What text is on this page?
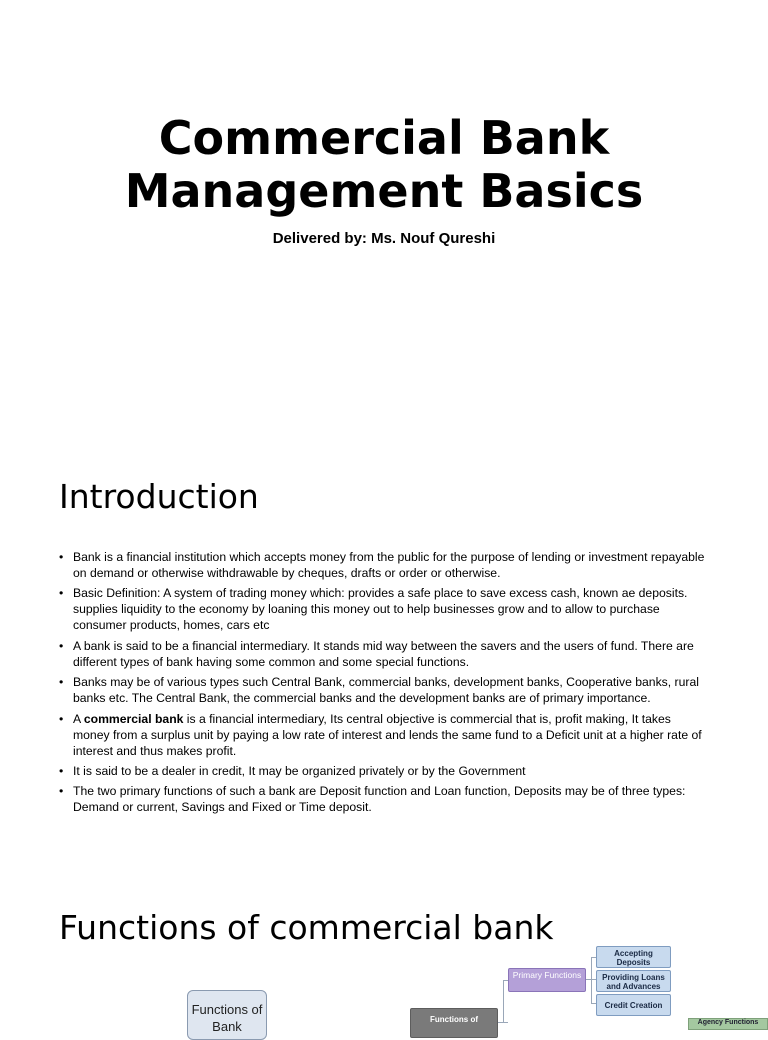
Commercial Bank
Management Basics
Delivered by: Ms. Nouf Qureshi
Introduction
• Bank is a financial institution which accepts money from the public for the purpose of lending or investment repayable on demand or otherwise withdrawable by cheques, drafts or order or otherwise.
• Basic Definition: A system of trading money which: provides a safe place to save excess cash, known ae deposits. supplies liquidity to the economy by loaning this money out to help businesses grow and to allow to purchase consumer products, homes, cars etc
• A bank is said to be a financial intermediary. It stands mid way between the savers and the users of fund. There are different types of bank having some common and some special functions.
• Banks may be of various types such Central Bank, commercial banks, development banks, Cooperative banks, rural banks etc. The Central Bank, the commercial banks and the development banks are of primary importance.
• A commercial bank is a financial intermediary, Its central objective is commercial that is, profit making, It takes money from a surplus unit by paying a low rate of interest and lends the same fund to a Deficit unit at a higher rate of interest and thus makes profit.
• It is said to be a dealer in credit, It may be organized privately or by the Government
• The two primary functions of such a bank are Deposit function and Loan function, Deposits may be of three types: Demand or current, Savings and Fixed or Time deposit.
Functions of commercial bank
Functions of Bank	Functions of
Primary Functions
Accepting Deposits
Providing Loans and Advances
Credit Creation
Agency Functions
